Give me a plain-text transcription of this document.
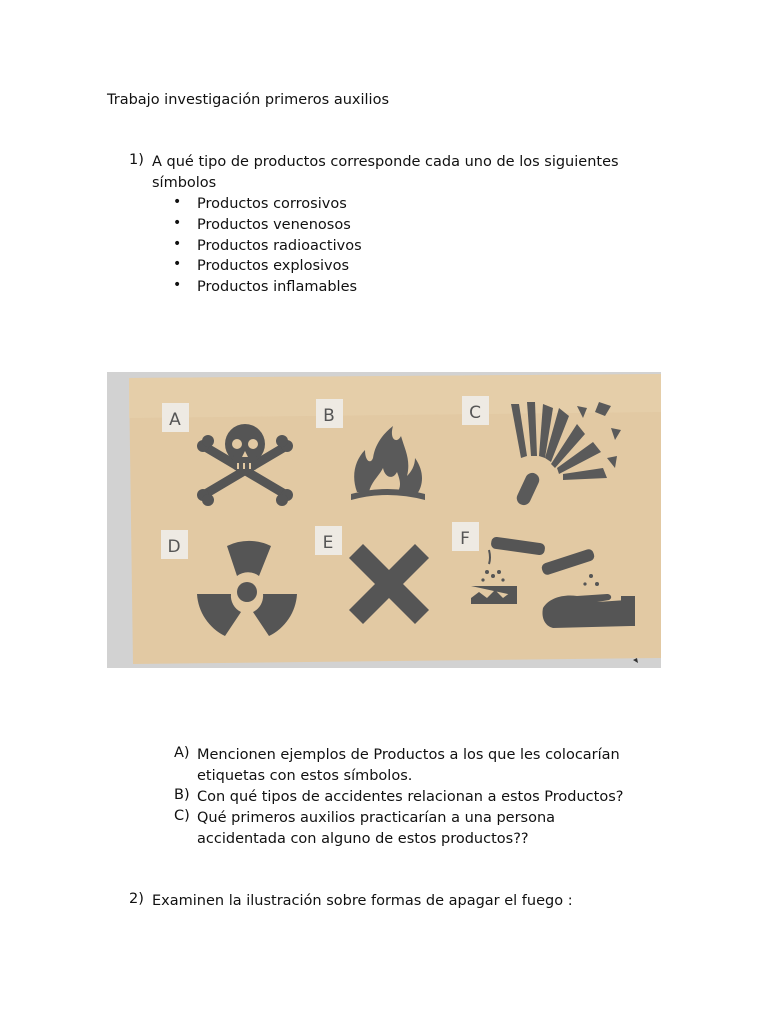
Trabajo investigación primeros auxilios
1) A qué tipo de productos corresponde cada uno de los siguientes
símbolos
• Productos corrosivos
• Productos venenosos
• Productos radioactivos
• Productos explosivos
• Productos inflamables
A	B	C
D	E	F
A) Mencionen ejemplos de Productos a los que les colocarían
etiquetas con estos símbolos.
B) Con qué tipos de accidentes relacionan a estos Productos?
C) Qué primeros auxilios practicarían a una persona
accidentada con alguno de estos productos??
2) Examinen la ilustración sobre formas de apagar el fuego :
